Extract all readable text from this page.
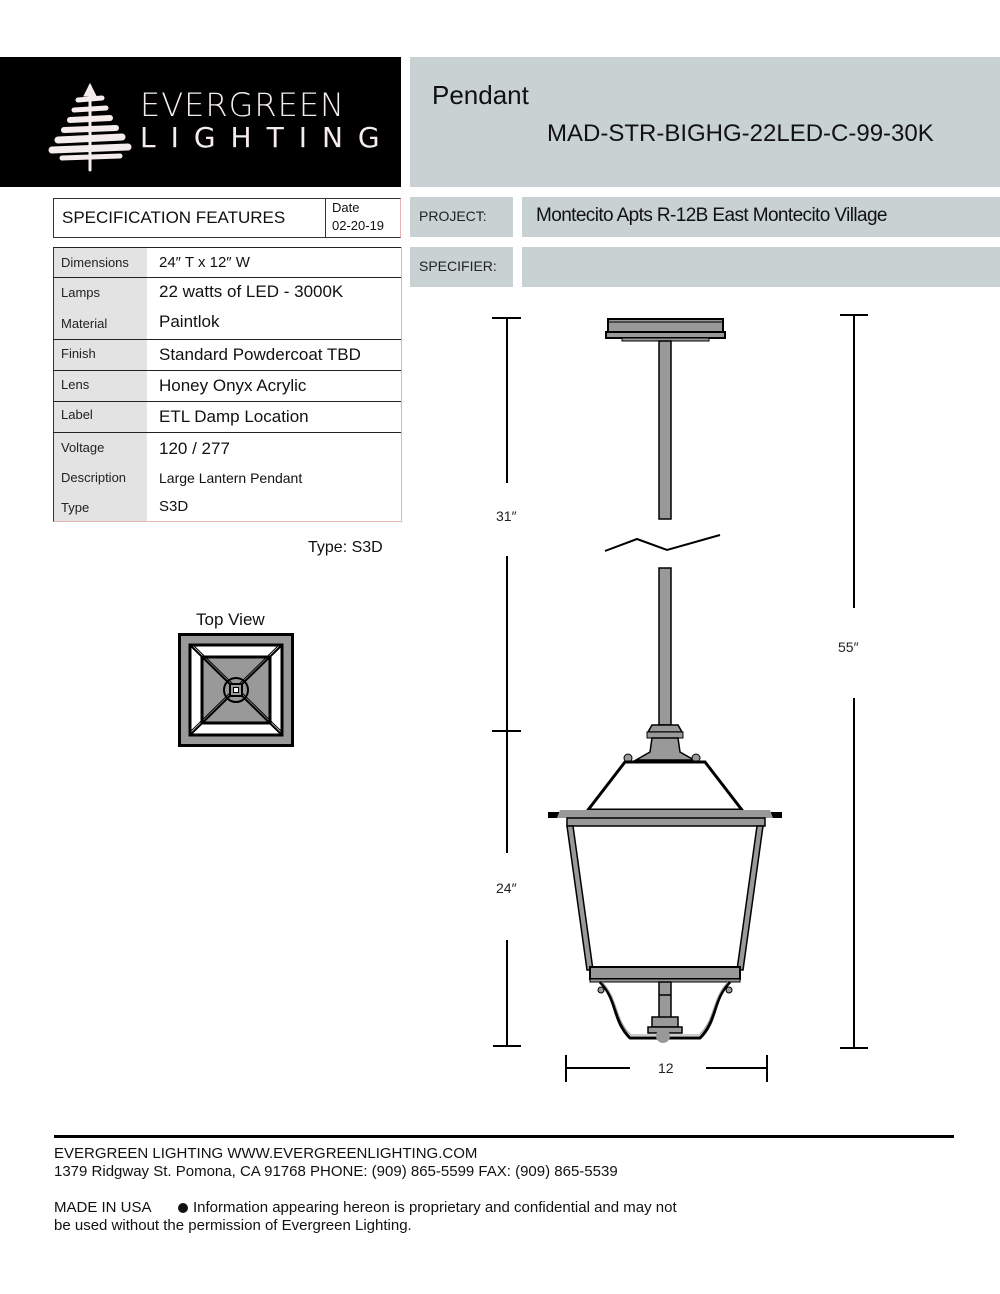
EVERGREEN
LIGHTING
Pendant
MAD-STR-BIGHG-22LED-C-99-30K
SPECIFICATION FEATURES
Date
02-20-19
Dimensions 24″ T x 12″ W
Lamps	22 watts of LED - 3000K
Material	Paintlok
Finish	Standard Powdercoat TBD
Lens	Honey Onyx Acrylic
Label	ETL Damp Location
Voltage	120 / 277
Description Large Lantern Pendant
Type	S3D
Type: S3D
PROJECT:	Montecito Apts R-12B East Montecito Village
SPECIFIER:
Top View
31″
24″
55″
12
EVERGREEN LIGHTING WWW.EVERGREENLIGHTING.COM
1379 Ridgway St. Pomona, CA 91768 PHONE: (909) 865-5599 FAX: (909) 865-5539
MADE IN USA	Information appearing hereon is proprietary and confidential and may not
be used without the permission of Evergreen Lighting.
